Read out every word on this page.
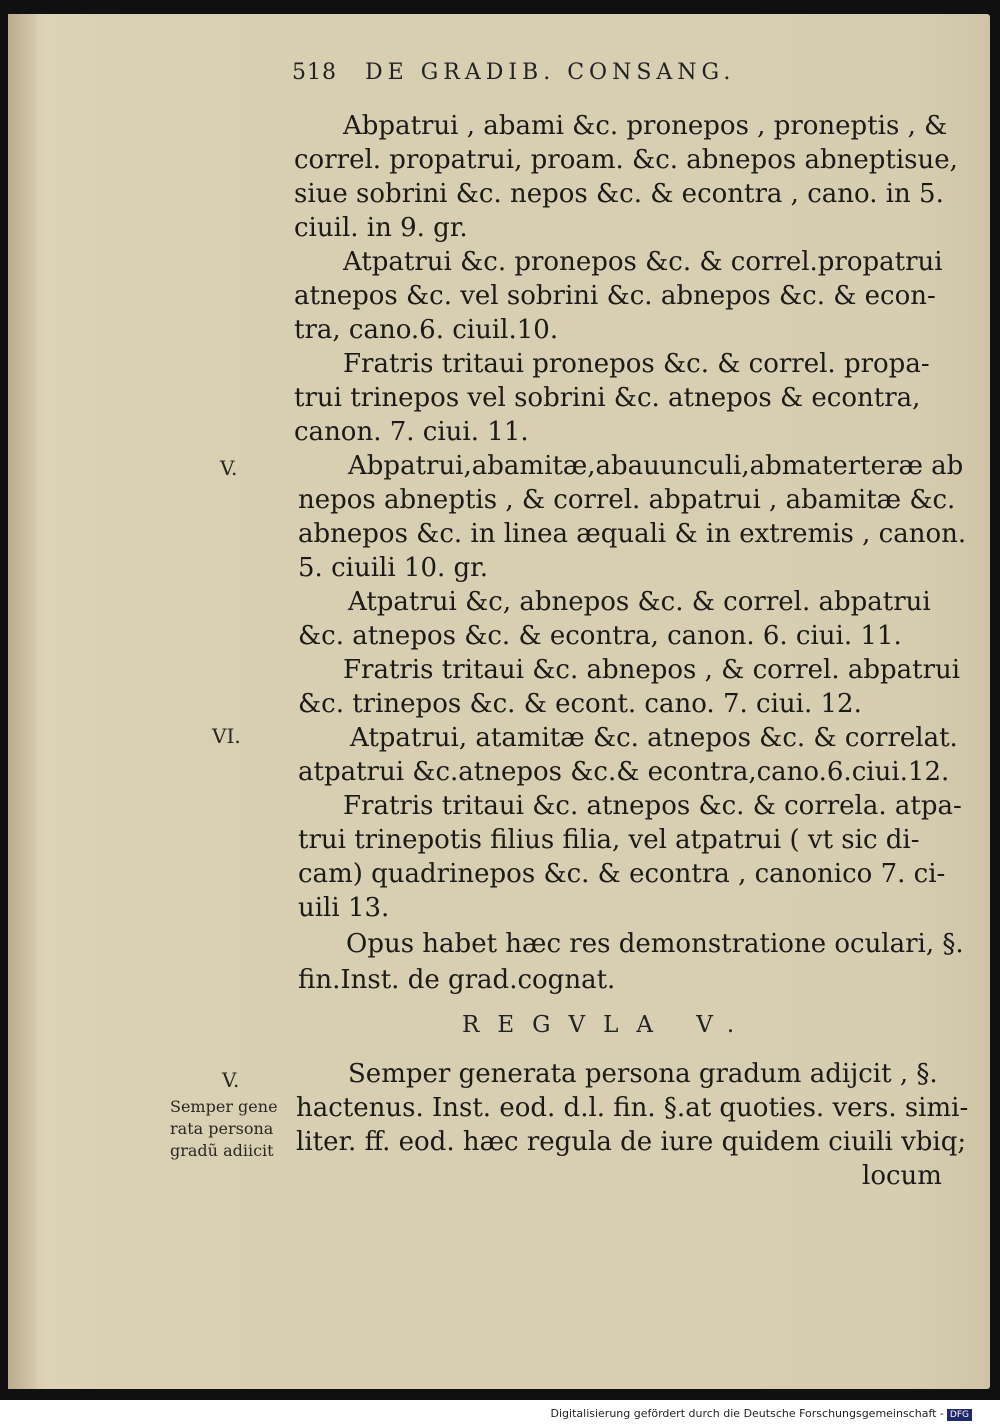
518 DE GRADIB. CONSANG.
Abpatrui , abami &c. pronepos , proneptis , &
correl. propatrui, proam. &c. abnepos abneptisue,
siue sobrini &c. nepos &c. & econtra , cano. in 5.
ciuil. in 9. gr.
Atpatrui &c. pronepos &c. & correl.propatrui
atnepos &c. vel sobrini &c. abnepos &c. & econ-
tra, cano.6. ciuil.10.
Fratris tritaui pronepos &c. & correl. propa-
trui trinepos vel sobrini &c. atnepos & econtra,
canon. 7. ciui. 11.
V.	Abpatrui,abamitæ,abauunculi,abmaterteræ ab
nepos abneptis , & correl. abpatrui , abamitæ &c.
abnepos &c. in linea æquali & in extremis , canon.
5. ciuili 10. gr.
Atpatrui &c, abnepos &c. & correl. abpatrui
&c. atnepos &c. & econtra, canon. 6. ciui. 11.
Fratris tritaui &c. abnepos , & correl. abpatrui
&c. trinepos &c. & econt. cano. 7. ciui. 12.
VI.	Atpatrui, atamitæ &c. atnepos &c. & correlat.
atpatrui &c.atnepos &c.& econtra,cano.6.ciui.12.
Fratris tritaui &c. atnepos &c. & correla. atpa-
trui trinepotis filius filia, vel atpatrui ( vt sic di-
cam) quadrinepos &c. & econtra , canonico 7. ci-
uili 13.
Opus habet hæc res demonstratione oculari, §.
fin.Inst. de grad.cognat.
REGVLA V.
V.	Semper generata persona gradum adijcit , §.
hactenus. Inst. eod. d.l. fin. §.at quoties. vers. simi-
liter. ff. eod. hæc regula de iure quidem ciuili vbiq;
locum
Semper gene
rata persona
gradũ adiicit
Digitalisierung gefördert durch die Deutsche Forschungsgemeinschaft - DFG
